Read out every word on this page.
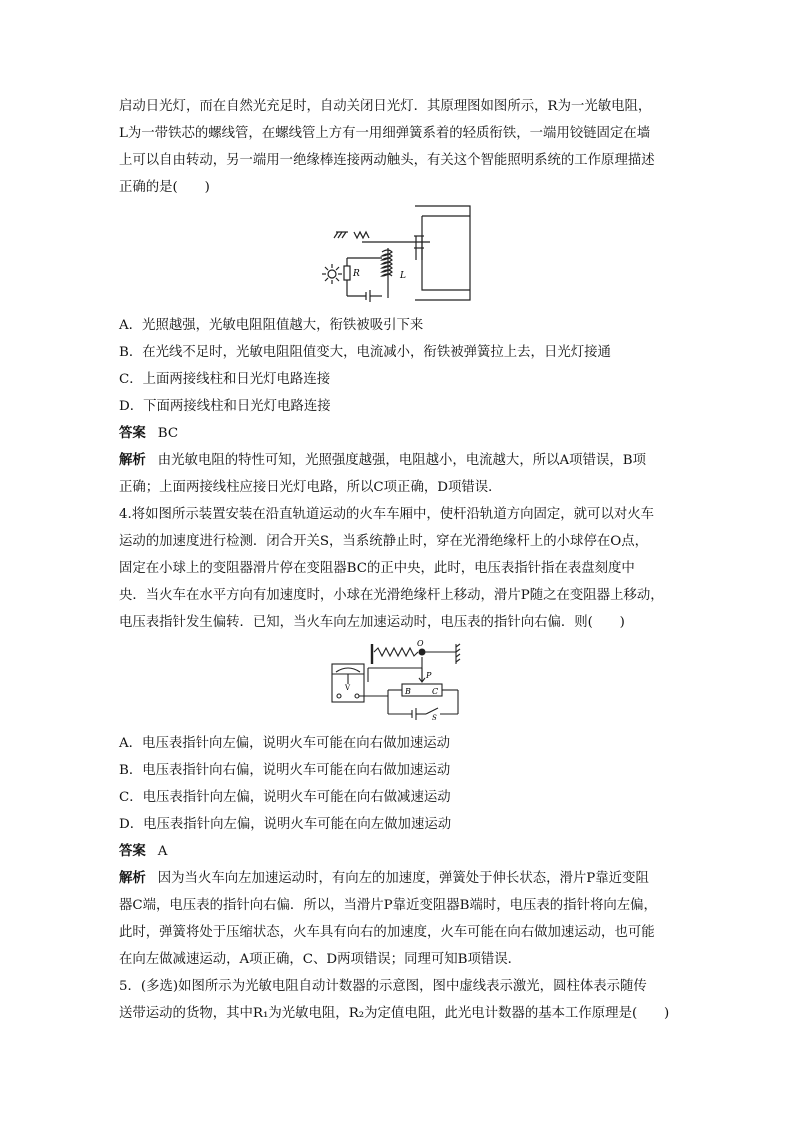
启动日光灯，而在自然光充足时，自动关闭日光灯．其原理图如图所示，R为一光敏电阻，
L为一带铁芯的螺线管，在螺线管上方有一用细弹簧系着的轻质衔铁，一端用铰链固定在墙
上可以自由转动，另一端用一绝缘棒连接两动触头，有关这个智能照明系统的工作原理描述
正确的是(　　)
R	L
A．光照越强，光敏电阻阻值越大，衔铁被吸引下来
B．在光线不足时，光敏电阻阻值变大，电流减小，衔铁被弹簧拉上去，日光灯接通
C．上面两接线柱和日光灯电路连接
D．下面两接线柱和日光灯电路连接
答案 BC
解析 由光敏电阻的特性可知，光照强度越强，电阻越小，电流越大，所以A项错误，B项
正确；上面两接线柱应接日光灯电路，所以C项正确，D项错误．
4.将如图所示装置安装在沿直轨道运动的火车车厢中，使杆沿轨道方向固定，就可以对火车
运动的加速度进行检测．闭合开关S，当系统静止时，穿在光滑绝缘杆上的小球停在O点，
固定在小球上的变阻器滑片停在变阻器BC的正中央，此时，电压表指针指在表盘刻度中
央．当火车在水平方向有加速度时，小球在光滑绝缘杆上移动，滑片P随之在变阻器上移动，
电压表指针发生偏转．已知，当火车向左加速运动时，电压表的指针向右偏．则(　　)
O
P
B	C
V
S
A．电压表指针向左偏，说明火车可能在向右做加速运动
B．电压表指针向右偏，说明火车可能在向右做加速运动
C．电压表指针向左偏，说明火车可能在向右做减速运动
D．电压表指针向左偏，说明火车可能在向左做加速运动
答案 A
解析 因为当火车向左加速运动时，有向左的加速度，弹簧处于伸长状态，滑片P靠近变阻
器C端，电压表的指针向右偏．所以，当滑片P靠近变阻器B端时，电压表的指针将向左偏，
此时，弹簧将处于压缩状态，火车具有向右的加速度，火车可能在向右做加速运动，也可能
在向左做减速运动，A项正确，C、D两项错误；同理可知B项错误．
5．(多选)如图所示为光敏电阻自动计数器的示意图，图中虚线表示激光，圆柱体表示随传
送带运动的货物，其中R₁为光敏电阻，R₂为定值电阻，此光电计数器的基本工作原理是(　　)
